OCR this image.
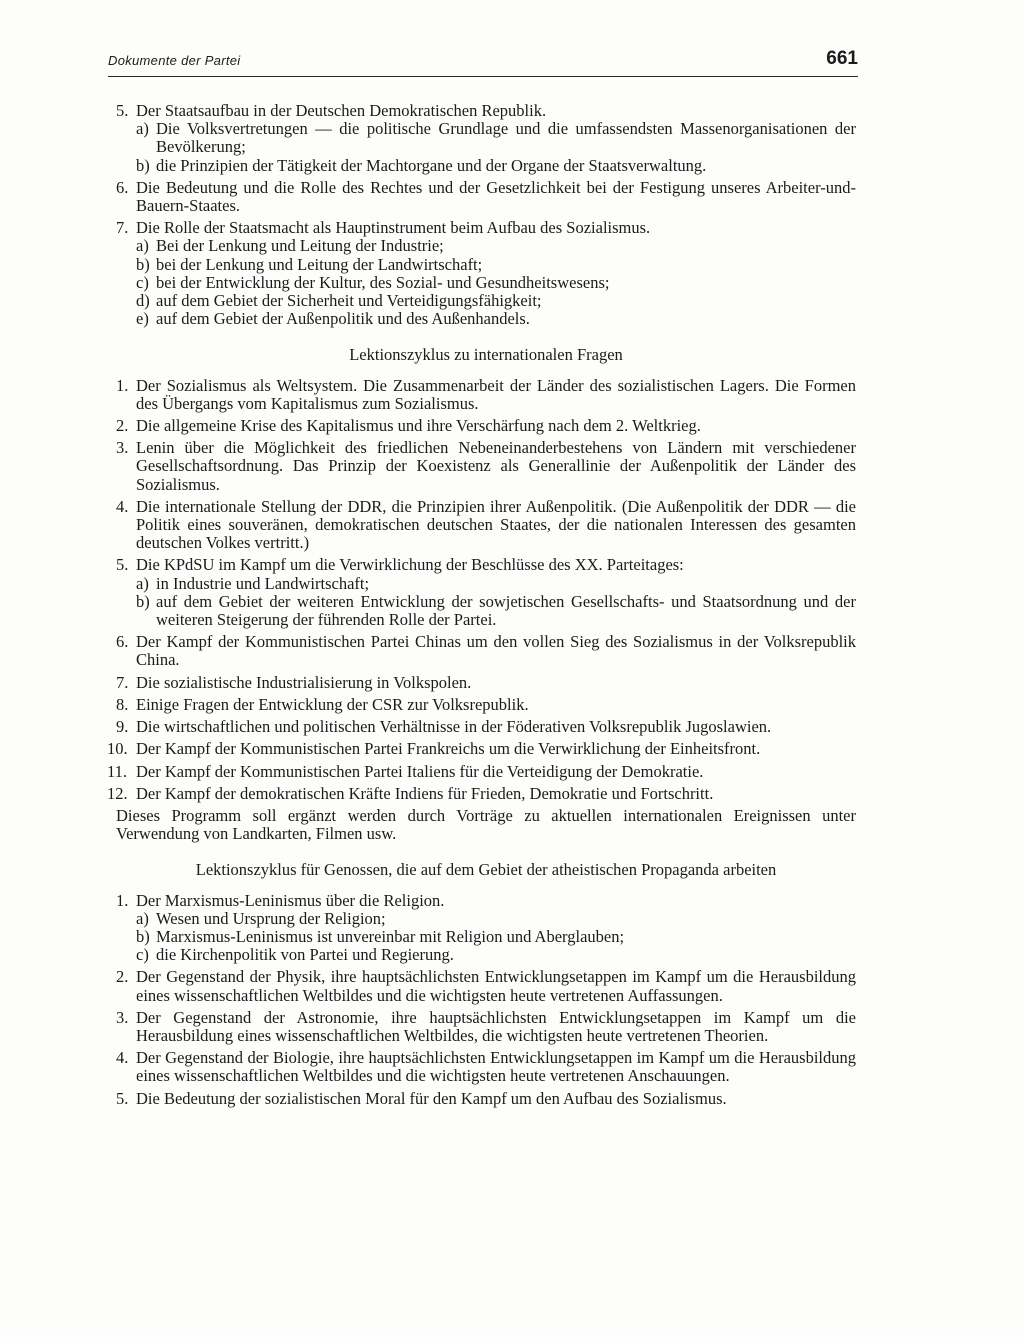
Dokumente der Partei	661
5. Der Staatsaufbau in der Deutschen Demokratischen Republik.
a) Die Volksvertretungen — die politische Grundlage und die umfassendsten Massenorganisationen der Bevölkerung;
b) die Prinzipien der Tätigkeit der Machtorgane und der Organe der Staatsverwaltung.
6. Die Bedeutung und die Rolle des Rechtes und der Gesetzlichkeit bei der Festigung unseres Arbeiter-und-Bauern-Staates.
7. Die Rolle der Staatsmacht als Hauptinstrument beim Aufbau des Sozialismus.
a) Bei der Lenkung und Leitung der Industrie;
b) bei der Lenkung und Leitung der Landwirtschaft;
c) bei der Entwicklung der Kultur, des Sozial- und Gesundheitswesens;
d) auf dem Gebiet der Sicherheit und Verteidigungsfähigkeit;
e) auf dem Gebiet der Außenpolitik und des Außenhandels.
Lektionszyklus zu internationalen Fragen
1. Der Sozialismus als Weltsystem. Die Zusammenarbeit der Länder des sozialistischen Lagers. Die Formen des Übergangs vom Kapitalismus zum Sozialismus.
2. Die allgemeine Krise des Kapitalismus und ihre Verschärfung nach dem 2. Weltkrieg.
3. Lenin über die Möglichkeit des friedlichen Nebeneinanderbestehens von Ländern mit verschiedener Gesellschaftsordnung. Das Prinzip der Koexistenz als Generallinie der Außenpolitik der Länder des Sozialismus.
4. Die internationale Stellung der DDR, die Prinzipien ihrer Außenpolitik. (Die Außenpolitik der DDR — die Politik eines souveränen, demokratischen deutschen Staates, der die nationalen Interessen des gesamten deutschen Volkes vertritt.)
5. Die KPdSU im Kampf um die Verwirklichung der Beschlüsse des XX. Parteitages:
a) in Industrie und Landwirtschaft;
b) auf dem Gebiet der weiteren Entwicklung der sowjetischen Gesellschafts- und Staatsordnung und der weiteren Steigerung der führenden Rolle der Partei.
6. Der Kampf der Kommunistischen Partei Chinas um den vollen Sieg des Sozialismus in der Volksrepublik China.
7. Die sozialistische Industrialisierung in Volkspolen.
8. Einige Fragen der Entwicklung der CSR zur Volksrepublik.
9. Die wirtschaftlichen und politischen Verhältnisse in der Föderativen Volksrepublik Jugoslawien.
10. Der Kampf der Kommunistischen Partei Frankreichs um die Verwirklichung der Einheitsfront.
11. Der Kampf der Kommunistischen Partei Italiens für die Verteidigung der Demokratie.
12. Der Kampf der demokratischen Kräfte Indiens für Frieden, Demokratie und Fortschritt.
Dieses Programm soll ergänzt werden durch Vorträge zu aktuellen internationalen Ereignissen unter Verwendung von Landkarten, Filmen usw.
Lektionszyklus für Genossen, die auf dem Gebiet der atheistischen Propaganda arbeiten
1. Der Marxismus-Leninismus über die Religion.
a) Wesen und Ursprung der Religion;
b) Marxismus-Leninismus ist unvereinbar mit Religion und Aberglauben;
c) die Kirchenpolitik von Partei und Regierung.
2. Der Gegenstand der Physik, ihre hauptsächlichsten Entwicklungsetappen im Kampf um die Herausbildung eines wissenschaftlichen Weltbildes und die wichtigsten heute vertretenen Auffassungen.
3. Der Gegenstand der Astronomie, ihre hauptsächlichsten Entwicklungsetappen im Kampf um die Herausbildung eines wissenschaftlichen Weltbildes, die wichtigsten heute vertretenen Theorien.
4. Der Gegenstand der Biologie, ihre hauptsächlichsten Entwicklungsetappen im Kampf um die Herausbildung eines wissenschaftlichen Weltbildes und die wichtigsten heute vertretenen Anschauungen.
5. Die Bedeutung der sozialistischen Moral für den Kampf um den Aufbau des Sozialismus.
